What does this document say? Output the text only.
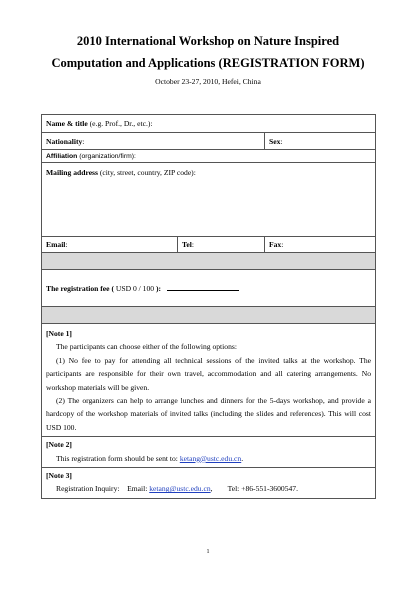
2010 International Workshop on Nature Inspired
Computation and Applications (REGISTRATION FORM)
October 23-27, 2010, Hefei, China
Name & title (e.g. Prof., Dr., etc.):		
Nationality:		Sex:
Affiliation (organization/firm):		
Mailing address (city, street, country, ZIP code):		
Email:	Tel:	Fax:

The registration fee ( USD 0 / 100 ):		

[Note 1]

The participants can choose either of the following options:

(1) No fee to pay for attending all technical sessions of the invited talks at the workshop. The participants are responsible for their own travel, accommodation and all catering arrangements. No workshop materials will be given.

(2) The organizers can help to arrange lunches and dinners for the 5-days workshop, and provide a hardcopy of the workshop materials of invited talks (including the slides and references). This will cost USD 100.		

[Note 2]

This registration form should be sent to: ketang@ustc.edu.cn.		

[Note 3]

Registration Inquiry:    Email: ketang@ustc.edu.cn,        Tel: +86-551-3600547.		

1
